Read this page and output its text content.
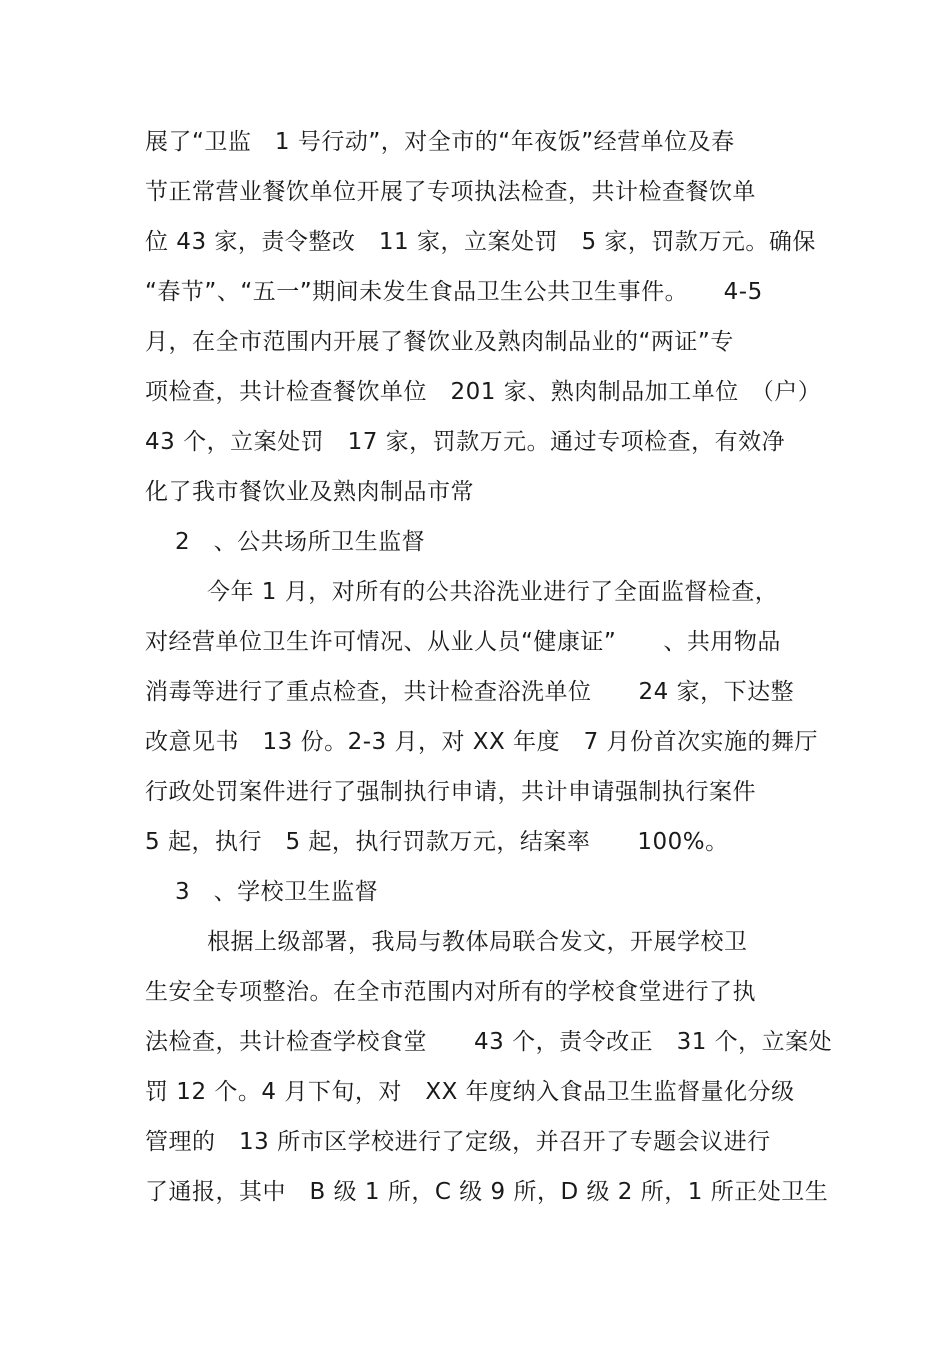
展了“卫监　1 号行动”，对全市的“年夜饭”经营单位及春
节正常营业餐饮单位开展了专项执法检查，共计检查餐饮单
位 43 家，责令整改　11 家，立案处罚　5 家，罚款万元。确保
“春节”、“五一”期间未发生食品卫生公共卫生事件。　　4-5
月，在全市范围内开展了餐饮业及熟肉制品业的“两证”专
项检查，共计检查餐饮单位　201 家、熟肉制品加工单位　（户）
43 个，立案处罚　17 家，罚款万元。通过专项检查，有效净
化了我市餐饮业及熟肉制品市常
2　、公共场所卫生监督
今年 1 月，对所有的公共浴洗业进行了全面监督检查，
对经营单位卫生许可情况、从业人员“健康证”　　、共用物品
消毒等进行了重点检查，共计检查浴洗单位　　24 家，下达整
改意见书　13 份。2-3 月，对 XX 年度　7 月份首次实施的舞厅
行政处罚案件进行了强制执行申请，共计申请强制执行案件
5 起，执行　5 起，执行罚款万元，结案率　　100%。
3　、学校卫生监督
根据上级部署，我局与教体局联合发文，开展学校卫
生安全专项整治。在全市范围内对所有的学校食堂进行了执
法检查，共计检查学校食堂　　43 个，责令改正　31 个，立案处
罚 12 个。4 月下旬，对　XX 年度纳入食品卫生监督量化分级
管理的　13 所市区学校进行了定级，并召开了专题会议进行
了通报，其中　B 级 1 所，C 级 9 所，D 级 2 所，1 所正处卫生
